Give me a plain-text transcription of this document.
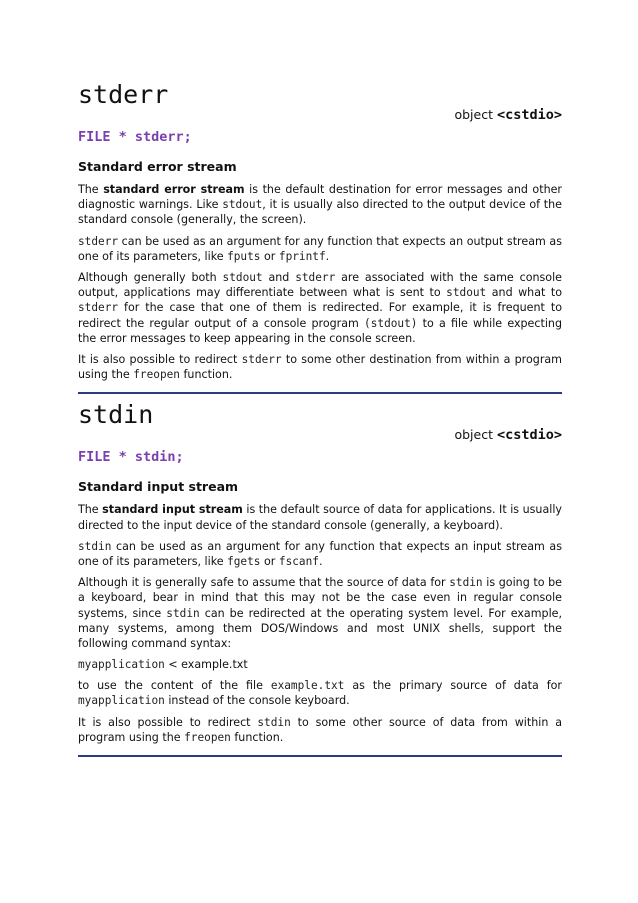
stderr
object <cstdio>
FILE * stderr;
Standard error stream

The standard error stream is the default destination for error messages and other diagnostic warnings. Like stdout, it is usually also directed to the output device of the standard console (generally, the screen).

stderr can be used as an argument for any function that expects an output stream as one of its parameters, like fputs or fprintf.

Although generally both stdout and stderr are associated with the same console output, applications may differentiate between what is sent to stdout and what to stderr for the case that one of them is redirected. For example, it is frequent to redirect the regular output of a console program (stdout) to a file while expecting the error messages to keep appearing in the console screen.

It is also possible to redirect stderr to some other destination from within a program using the freopen function.

stdin
object <cstdio>
FILE * stdin;
Standard input stream

The standard input stream is the default source of data for applications. It is usually directed to the input device of the standard console (generally, a keyboard).

stdin can be used as an argument for any function that expects an input stream as one of its parameters, like fgets or fscanf.

Although it is generally safe to assume that the source of data for stdin is going to be a keyboard, bear in mind that this may not be the case even in regular console systems, since stdin can be redirected at the operating system level. For example, many systems, among them DOS/Windows and most UNIX shells, support the following command syntax:

myapplication < example.txt

to use the content of the file example.txt as the primary source of data for myapplication instead of the console keyboard.

It is also possible to redirect stdin to some other source of data from within a program using the freopen function.
